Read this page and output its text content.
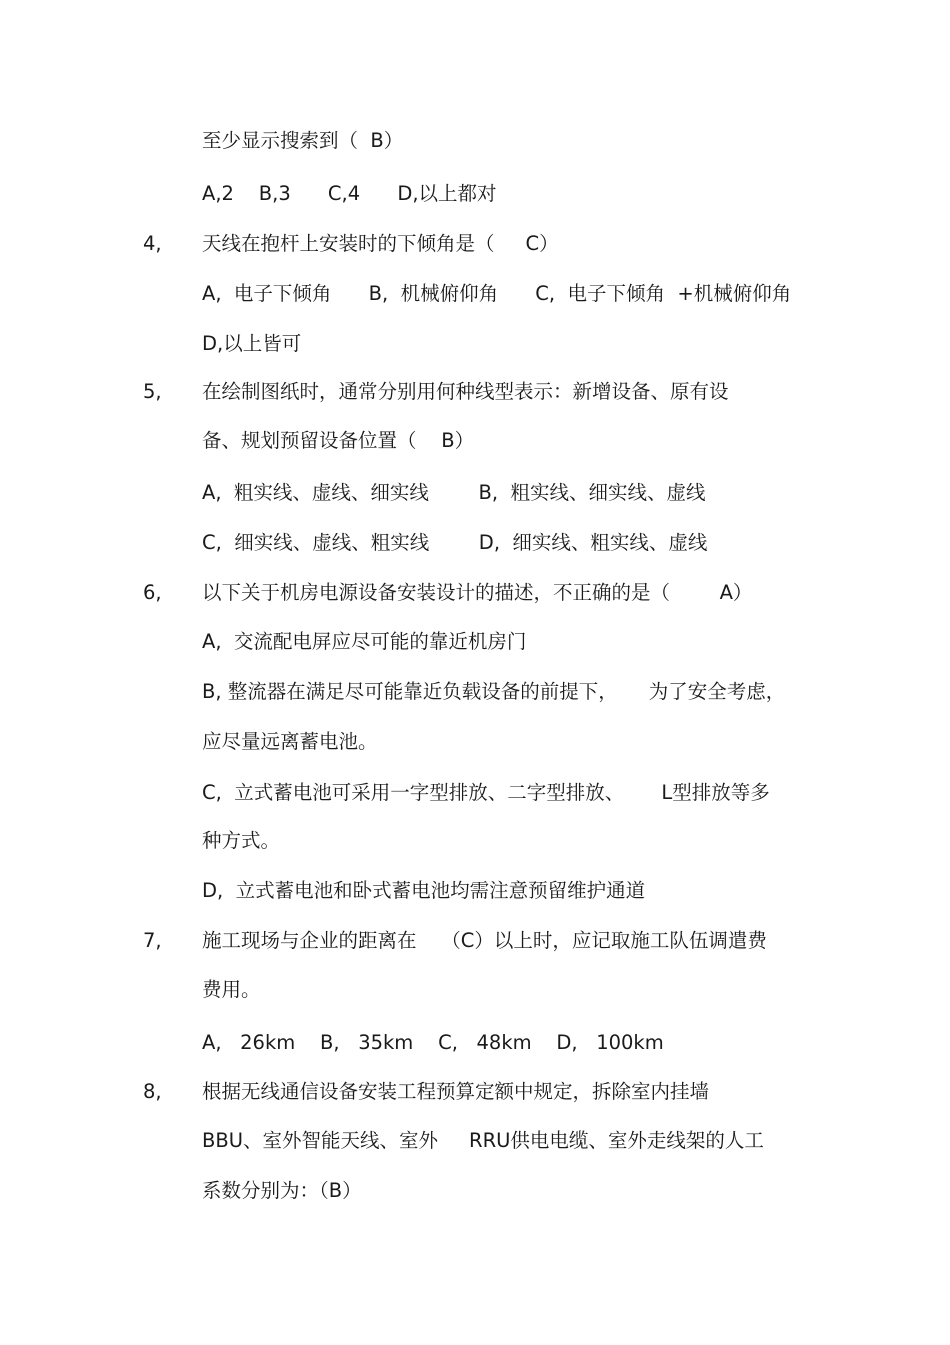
至少显示搜索到（  B）
A,2    B,3      C,4      D,以上都对
4, 天线在抱杆上安装时的下倾角是（     C）
A,  电子下倾角      B,  机械俯仰角      C,  电子下倾角  +机械俯仰角
D,以上皆可
5, 在绘制图纸时，通常分别用何种线型表示：新增设备、原有设
备、规划预留设备位置（    B）
A,  粗实线、虚线、细实线        B,  粗实线、细实线、虚线
C,  细实线、虚线、粗实线        D,  细实线、粗实线、虚线
6, 以下关于机房电源设备安装设计的描述，不正确的是（        A）
A,  交流配电屏应尽可能的靠近机房门
B, 整流器在满足尽可能靠近负载设备的前提下，     为了安全考虑，
应尽量远离蓄电池。
C,  立式蓄电池可采用一字型排放、二字型排放、      L型排放等多
种方式。
D,  立式蓄电池和卧式蓄电池均需注意预留维护通道
7, 施工现场与企业的距离在    （C）以上时，应记取施工队伍调遣费
费用。
A,   26km    B,   35km    C,   48km    D,   100km
8, 根据无线通信设备安装工程预算定额中规定，拆除室内挂墙
BBU、室外智能天线、室外     RRU供电电缆、室外走线架的人工
系数分别为：（B）
